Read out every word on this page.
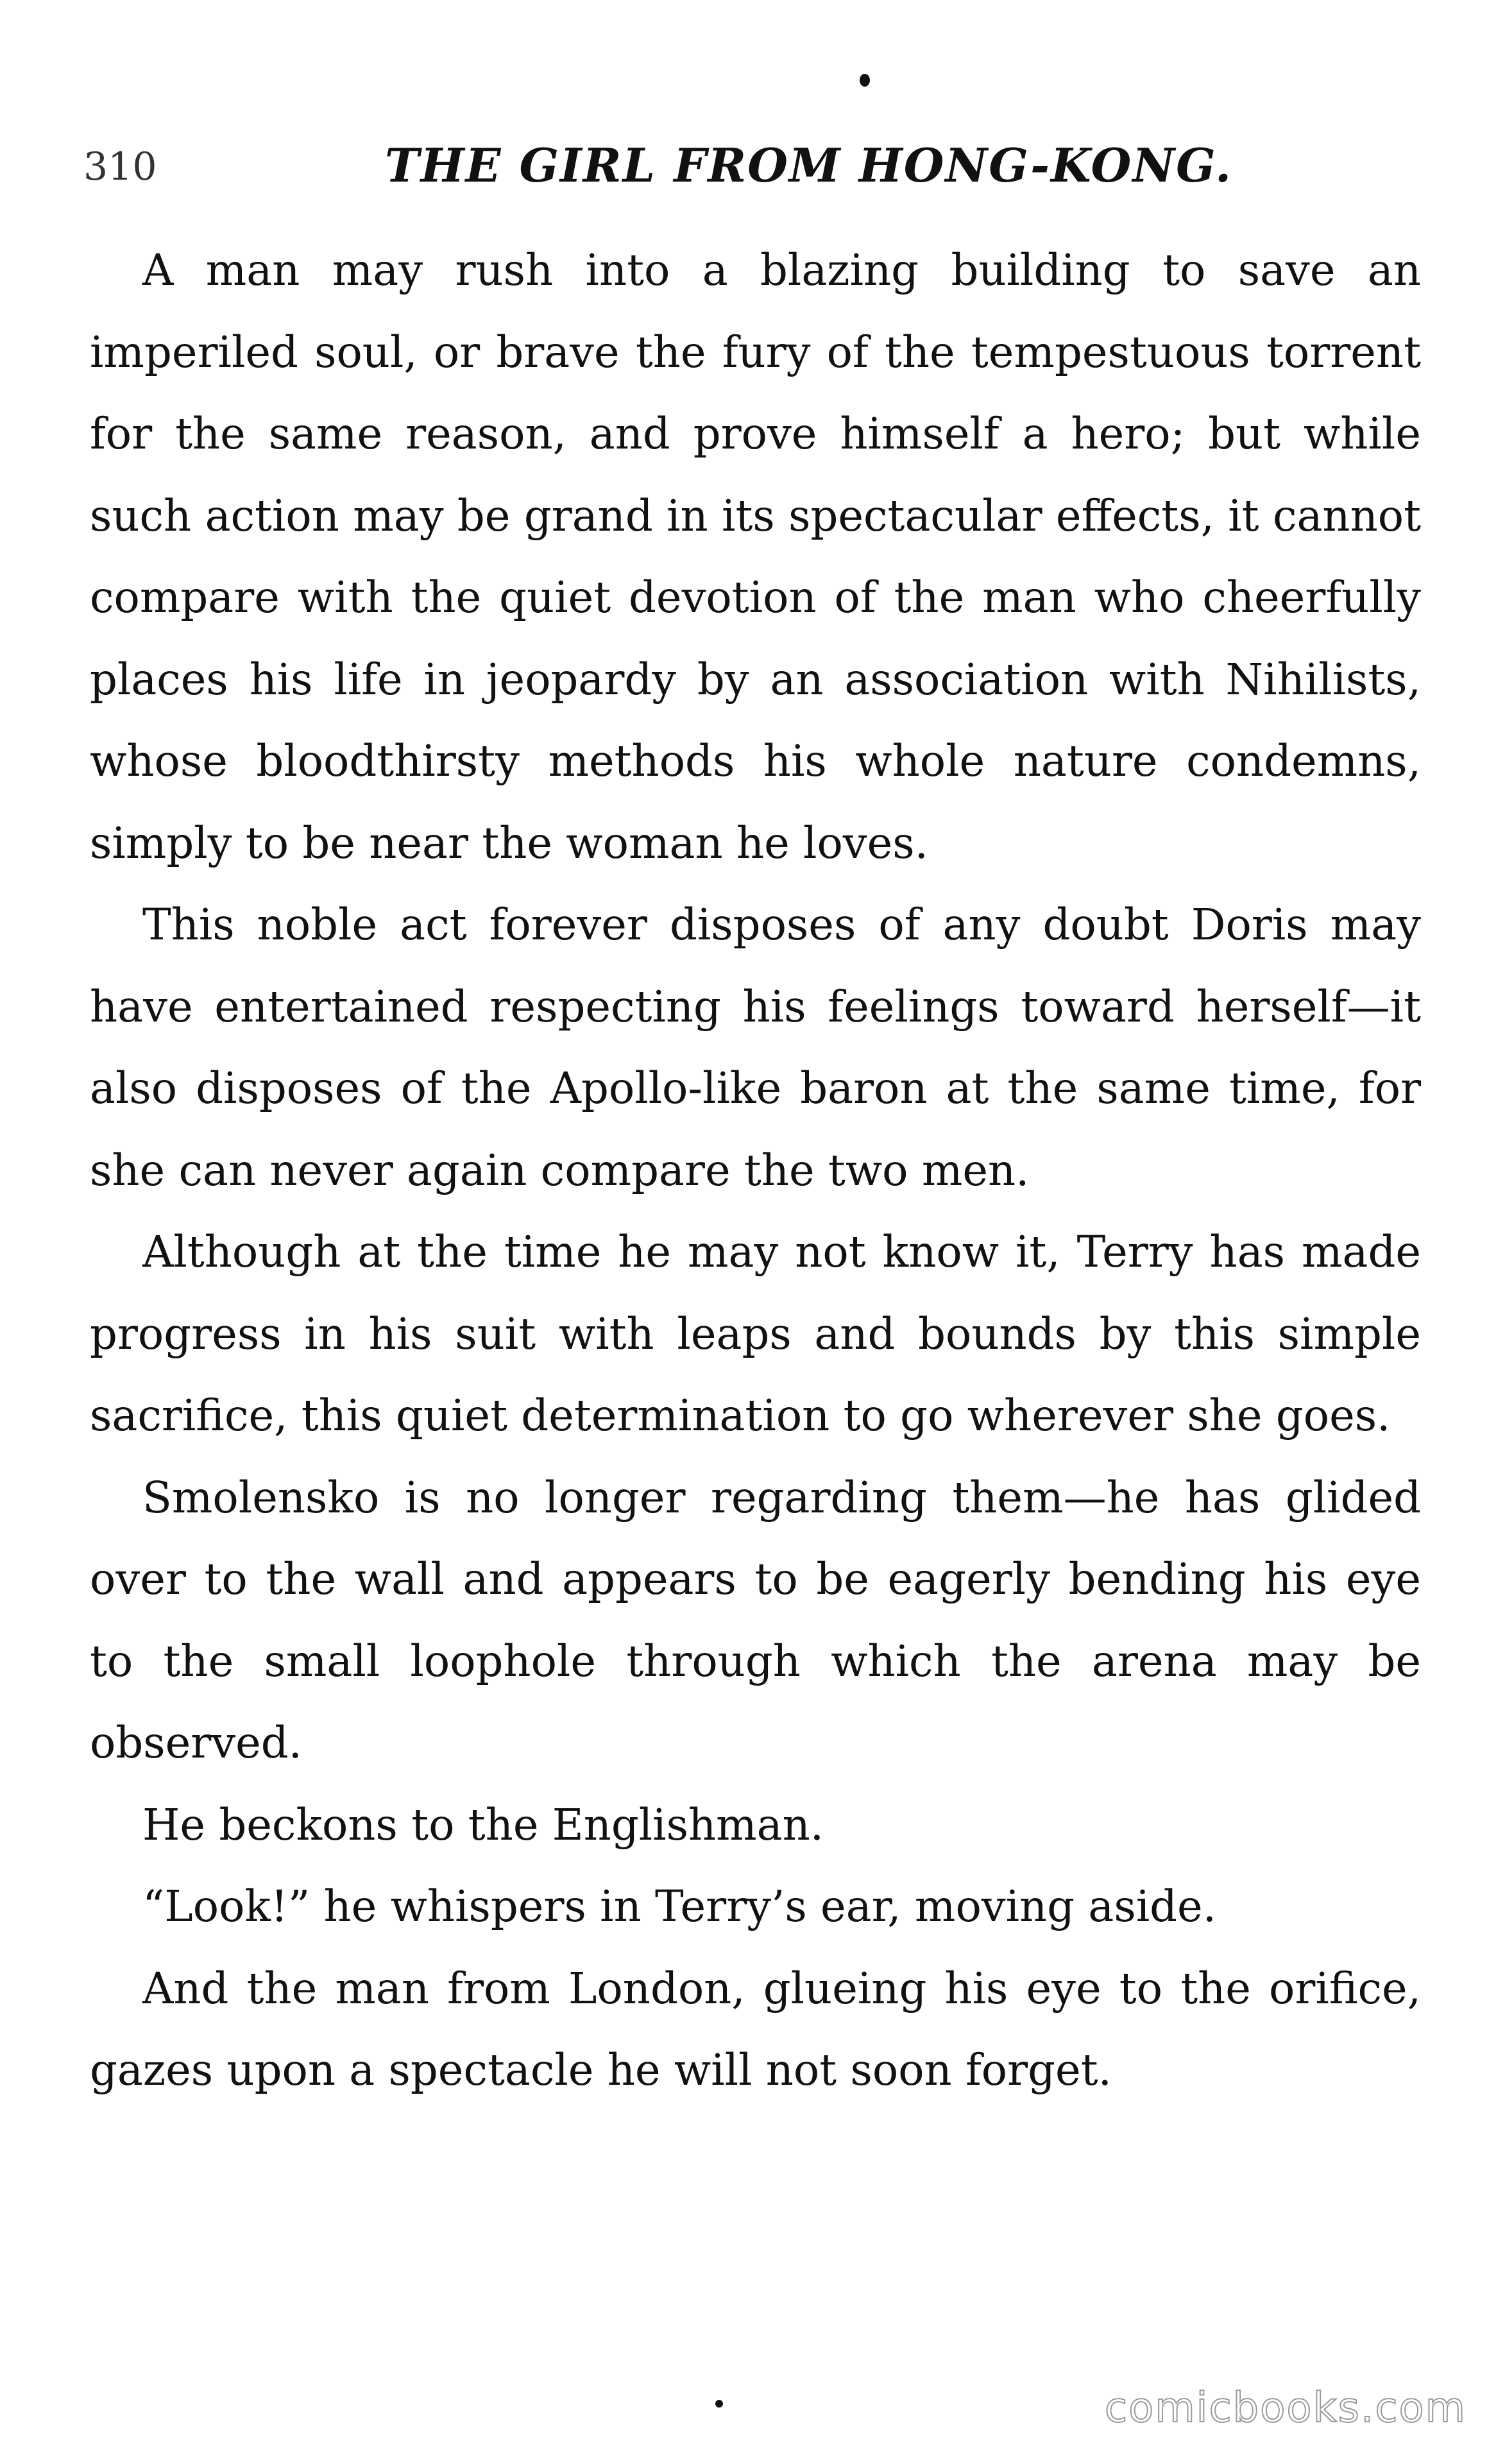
310	THE GIRL FROM HONG-KONG.

A man may rush into a blazing building to save an imperiled soul, or brave the fury of the tempestuous torrent for the same reason, and prove himself a hero; but while such action may be grand in its spectacular effects, it cannot compare with the quiet devotion of the man who cheerfully places his life in jeopardy by an association with Nihilists, whose bloodthirsty methods his whole nature condemns, simply to be near the woman he loves.

This noble act forever disposes of any doubt Doris may have entertained respecting his feelings toward herself—it also disposes of the Apollo-like baron at the same time, for she can never again compare the two men.

Although at the time he may not know it, Terry has made progress in his suit with leaps and bounds by this simple sacrifice, this quiet determination to go wherever she goes.

Smolensko is no longer regarding them—he has glided over to the wall and appears to be eagerly bending his eye to the small loophole through which the arena may be observed.

He beckons to the Englishman.

“Look!” he whispers in Terry’s ear, moving aside.

And the man from London, glueing his eye to the orifice, gazes upon a spectacle he will not soon forget.

comicbooks.com
